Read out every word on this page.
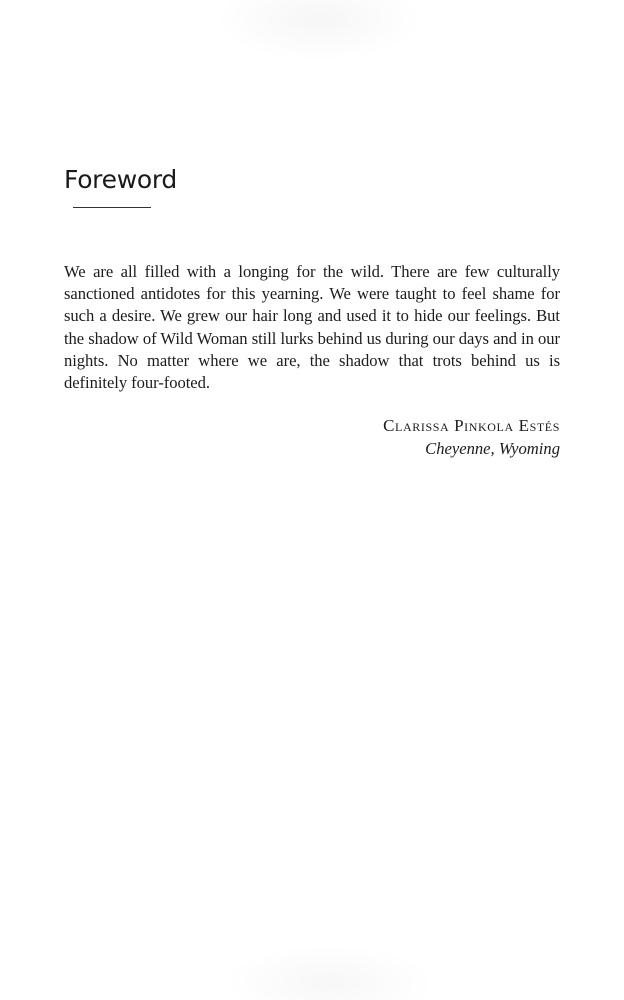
Foreword

We are all filled with a longing for the wild. There are few culturally sanctioned antidotes for this yearning. We were taught to feel shame for such a desire. We grew our hair long and used it to hide our feelings. But the shadow of Wild Woman still lurks behind us during our days and in our nights. No matter where we are, the shadow that trots behind us is definitely four-footed.

Clarissa Pinkola Estés
Cheyenne, Wyoming
